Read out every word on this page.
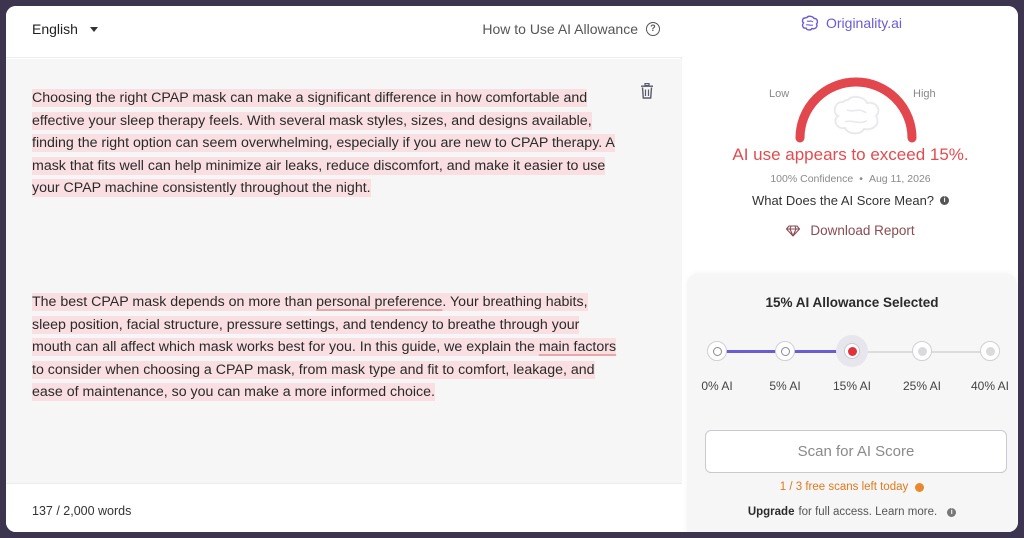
English	How to Use AI Allowance	?

Choosing the right CPAP mask can make a significant difference in how comfortable and effective your sleep therapy feels. With several mask styles, sizes, and designs available, finding the right option can seem overwhelming, especially if you are new to CPAP therapy. A mask that fits well can help minimize air leaks, reduce discomfort, and make it easier to use your CPAP machine consistently throughout the night.

The best CPAP mask depends on more than personal preference. Your breathing habits, sleep position, facial structure, pressure settings, and tendency to breathe through your mouth can all affect which mask works best for you. In this guide, we explain the main factors to consider when choosing a CPAP mask, from mask type and fit to comfort, leakage, and ease of maintenance, so you can make a more informed choice.

137 / 2,000 words
Originality.ai
Low	High
AI use appears to exceed 15%.
100% Confidence • Aug 11, 2026
What Does the AI Score Mean?	i
Download Report
15% AI Allowance Selected
0% AI	5% AI	15% AI	25% AI	40% AI
Scan for AI Score
1 / 3 free scans left today
Upgrade for full access. Learn more.	i
